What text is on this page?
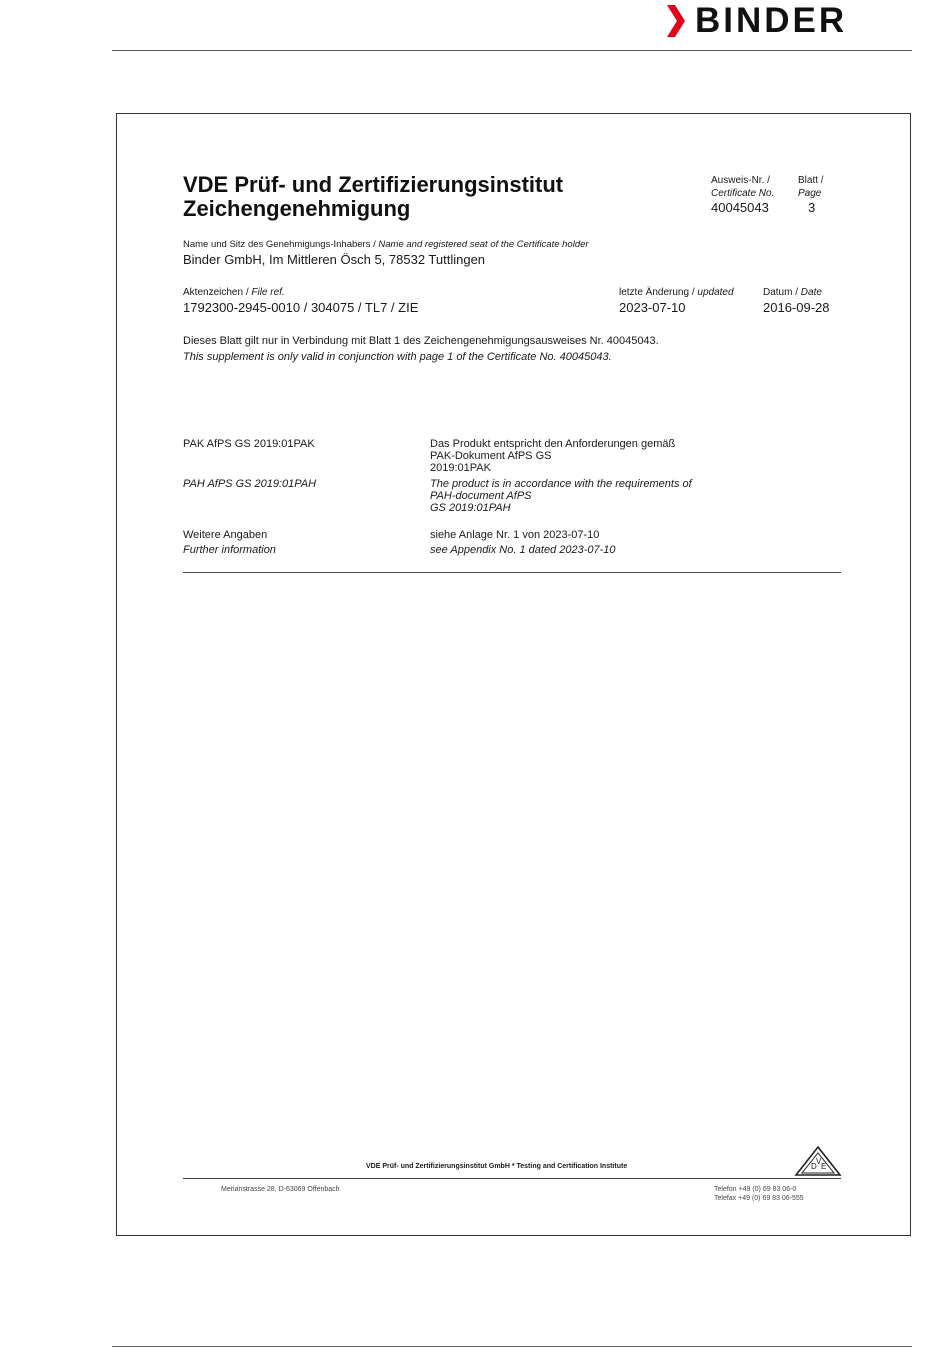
BINDER
VDE Prüf- und Zertifizierungsinstitut
Zeichengenehmigung
Ausweis-Nr. /
Certificate No.
40045043
Blatt /
Page
3
Name und Sitz des Genehmigungs-Inhabers / Name and registered seat of the Certificate holder
Binder GmbH, Im Mittleren Ösch 5, 78532 Tuttlingen
Aktenzeichen / File ref.
1792300-2945-0010 / 304075 / TL7 / ZIE
letzte Änderung / updated
2023-07-10
Datum / Date
2016-09-28
Dieses Blatt gilt nur in Verbindung mit Blatt 1 des Zeichengenehmigungsausweises Nr. 40045043.
This supplement is only valid in conjunction with page 1 of the Certificate No. 40045043.
PAK AfPS GS 2019:01PAK
PAH AfPS GS 2019:01PAH
Das Produkt entspricht den Anforderungen gemäß
PAK-Dokument AfPS GS
2019:01PAK
The product is in accordance with the requirements of
PAH-document AfPS
GS 2019:01PAH
Weitere Angaben
Further information
siehe Anlage Nr. 1 von 2023-07-10
see Appendix No. 1 dated 2023-07-10
VDE Prüf- und Zertifizierungsinstitut GmbH * Testing and Certification Institute	D
V
E
Merianstrasse 28, D-63069 Offenbach	Telefon +49 (0) 69 83 06-0
Telefax +49 (0) 69 83 06-555
